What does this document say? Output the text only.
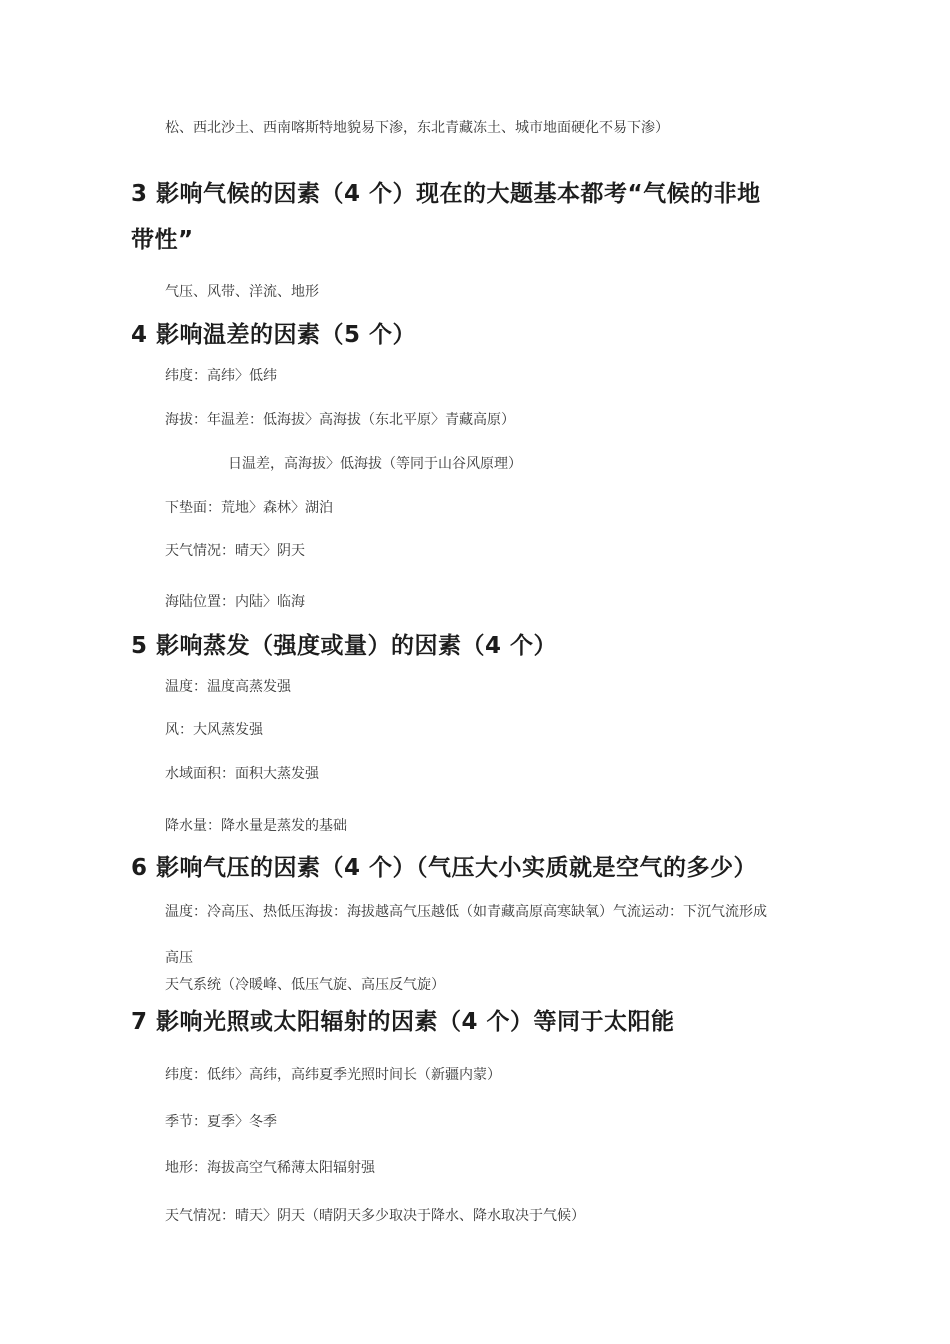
松、西北沙土、西南喀斯特地貌易下渗，东北青藏冻土、城市地面硬化不易下渗）

3 影响气候的因素（4 个）现在的大题基本都考“气候的非地

带性”

气压、风带、洋流、地形

4 影响温差的因素（5 个）

纬度：高纬〉低纬

海拔：年温差：低海拔〉高海拔（东北平原〉青藏高原）

日温差，高海拔〉低海拔（等同于山谷风原理）

下垫面：荒地〉森林〉湖泊

天气情况：晴天〉阴天

海陆位置：内陆〉临海

5 影响蒸发（强度或量）的因素（4 个）

温度：温度高蒸发强

风：大风蒸发强

水域面积：面积大蒸发强

降水量：降水量是蒸发的基础

6 影响气压的因素（4 个）（气压大小实质就是空气的多少）

温度：冷高压、热低压海拔：海拔越高气压越低（如青藏高原高寒缺氧）气流运动：下沉气流形成

高压

天气系统（冷暖峰、低压气旋、高压反气旋）

7 影响光照或太阳辐射的因素（4 个）等同于太阳能

纬度：低纬〉高纬，高纬夏季光照时间长（新疆内蒙）

季节：夏季〉冬季

地形：海拔高空气稀薄太阳辐射强

天气情况：晴天〉阴天（晴阴天多少取决于降水、降水取决于气候）
